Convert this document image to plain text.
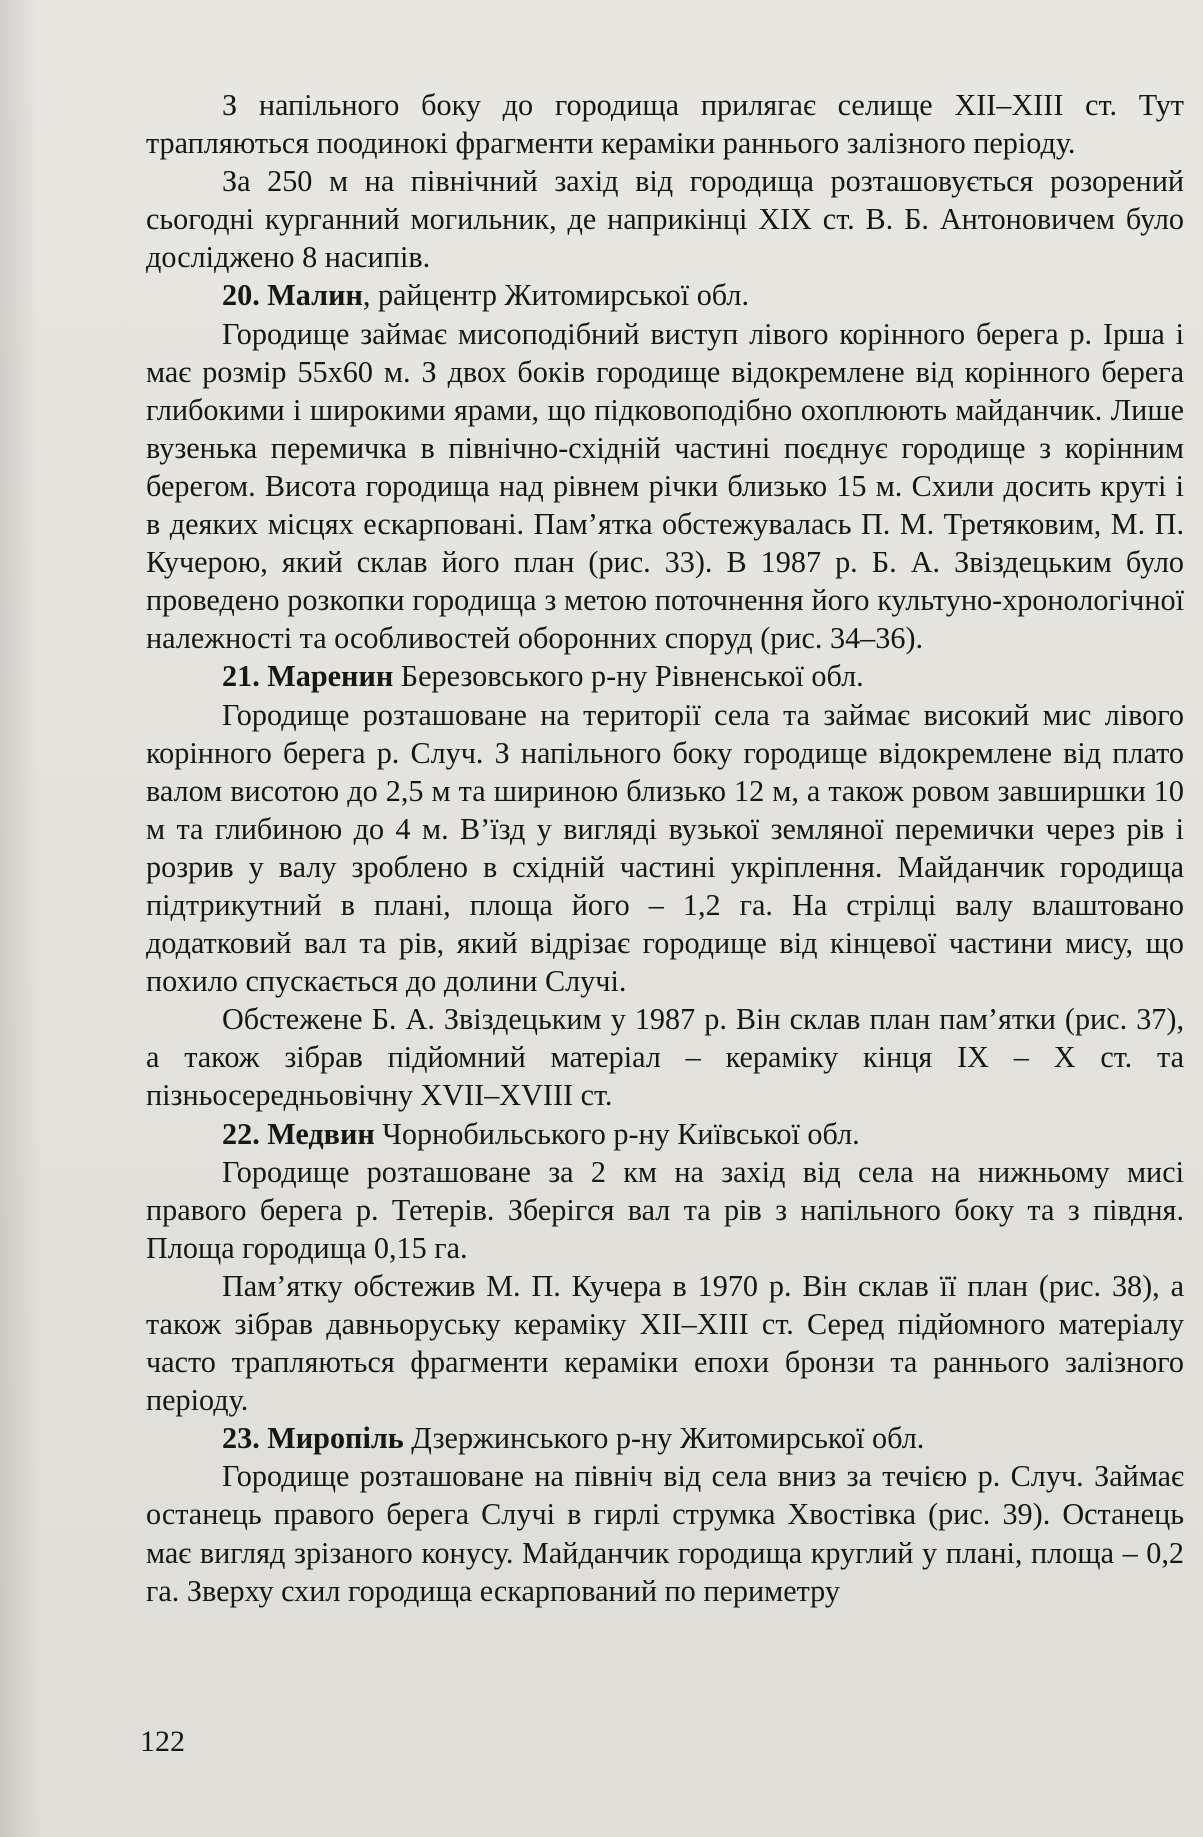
З напільного боку до городища прилягає селище XII–XIII ст. Тут трапляються поодинокі фрагменти кераміки раннього залізного періоду.

За 250 м на північний захід від городища розташовується розорений сьогодні курганний могильник, де наприкінці XIX ст. В. Б. Антоновичем було досліджено 8 насипів.

20. Малин, райцентр Житомирської обл.

Городище займає мисоподібний виступ лівого корінного берега р. Ірша і має розмір 55х60 м. З двох боків городище відокремлене від корінного берега глибокими і широкими ярами, що підковоподібно охоплюють майданчик. Лише вузенька перемичка в північно-східній частині поєднує городище з корінним берегом. Висота городища над рівнем річки близько 15 м. Схили досить круті і в деяких місцях ескарповані. Пам’ятка обстежувалась П. М. Третяковим, М. П. Кучерою, який склав його план (рис. 33). В 1987 р. Б. А. Звіздецьким було проведено розкопки городища з метою поточнення його культуно-хронологічної належності та особливостей оборонних споруд (рис. 34–36).

21. Маренин Березовського р-ну Рівненської обл.

Городище розташоване на території села та займає високий мис лівого корінного берега р. Случ. З напільного боку городище відокремлене від плато валом висотою до 2,5 м та шириною близько 12 м, а також ровом завширшки 10 м та глибиною до 4 м. В’їзд у вигляді вузької земляної перемички через рів і розрив у валу зроблено в східній частині укріплення. Майданчик городища підтрикутний в плані, площа його – 1,2 га. На стрілці валу влаштовано додатковий вал та рів, який відрізає городище від кінцевої частини мису, що похило спускається до долини Случі.

Обстежене Б. А. Звіздецьким у 1987 р. Він склав план пам’ятки (рис. 37), а також зібрав підйомний матеріал – кераміку кінця IX – X ст. та пізньосередньовічну XVII–XVIII ст.

22. Медвин Чорнобильського р-ну Київської обл.

Городище розташоване за 2 км на захід від села на нижньому мисі правого берега р. Тетерів. Зберігся вал та рів з напільного боку та з півдня. Площа городища 0,15 га.

Пам’ятку обстежив М. П. Кучера в 1970 р. Він склав її план (рис. 38), а також зібрав давньоруську кераміку XII–XIII ст. Серед підйомного матеріалу часто трапляються фрагменти кераміки епохи бронзи та раннього залізного періоду.

23. Миропіль Дзержинського р-ну Житомирської обл.

Городище розташоване на північ від села вниз за течією р. Случ. Займає останець правого берега Случі в гирлі струмка Хвостівка (рис. 39). Останець має вигляд зрізаного конусу. Майданчик городища круглий у плані, площа – 0,2 га. Зверху схил городища ескарпований по периметру

122
